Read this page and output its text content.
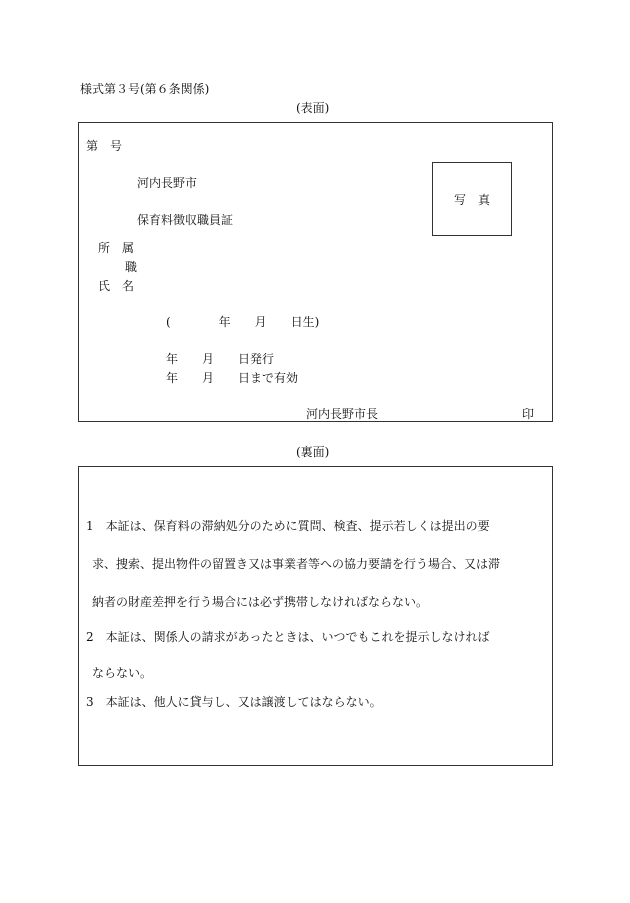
様式第３号(第６条関係)
(表面)
第　号
河内長野市
保育料徴収職員証
写真
所属
職
氏名
(　　　　年　　月　　日生)
年　　月　　日発行
年　　月　　日まで有効
河内長野市長	印
(裏面)
1　本証は、保育料の滞納処分のために質問、検査、提示若しくは提出の要
求、捜索、提出物件の留置き又は事業者等への協力要請を行う場合、又は滞
納者の財産差押を行う場合には必ず携帯しなければならない。
2　本証は、関係人の請求があったときは、いつでもこれを提示しなければ
ならない。
3　本証は、他人に貸与し、又は譲渡してはならない。
